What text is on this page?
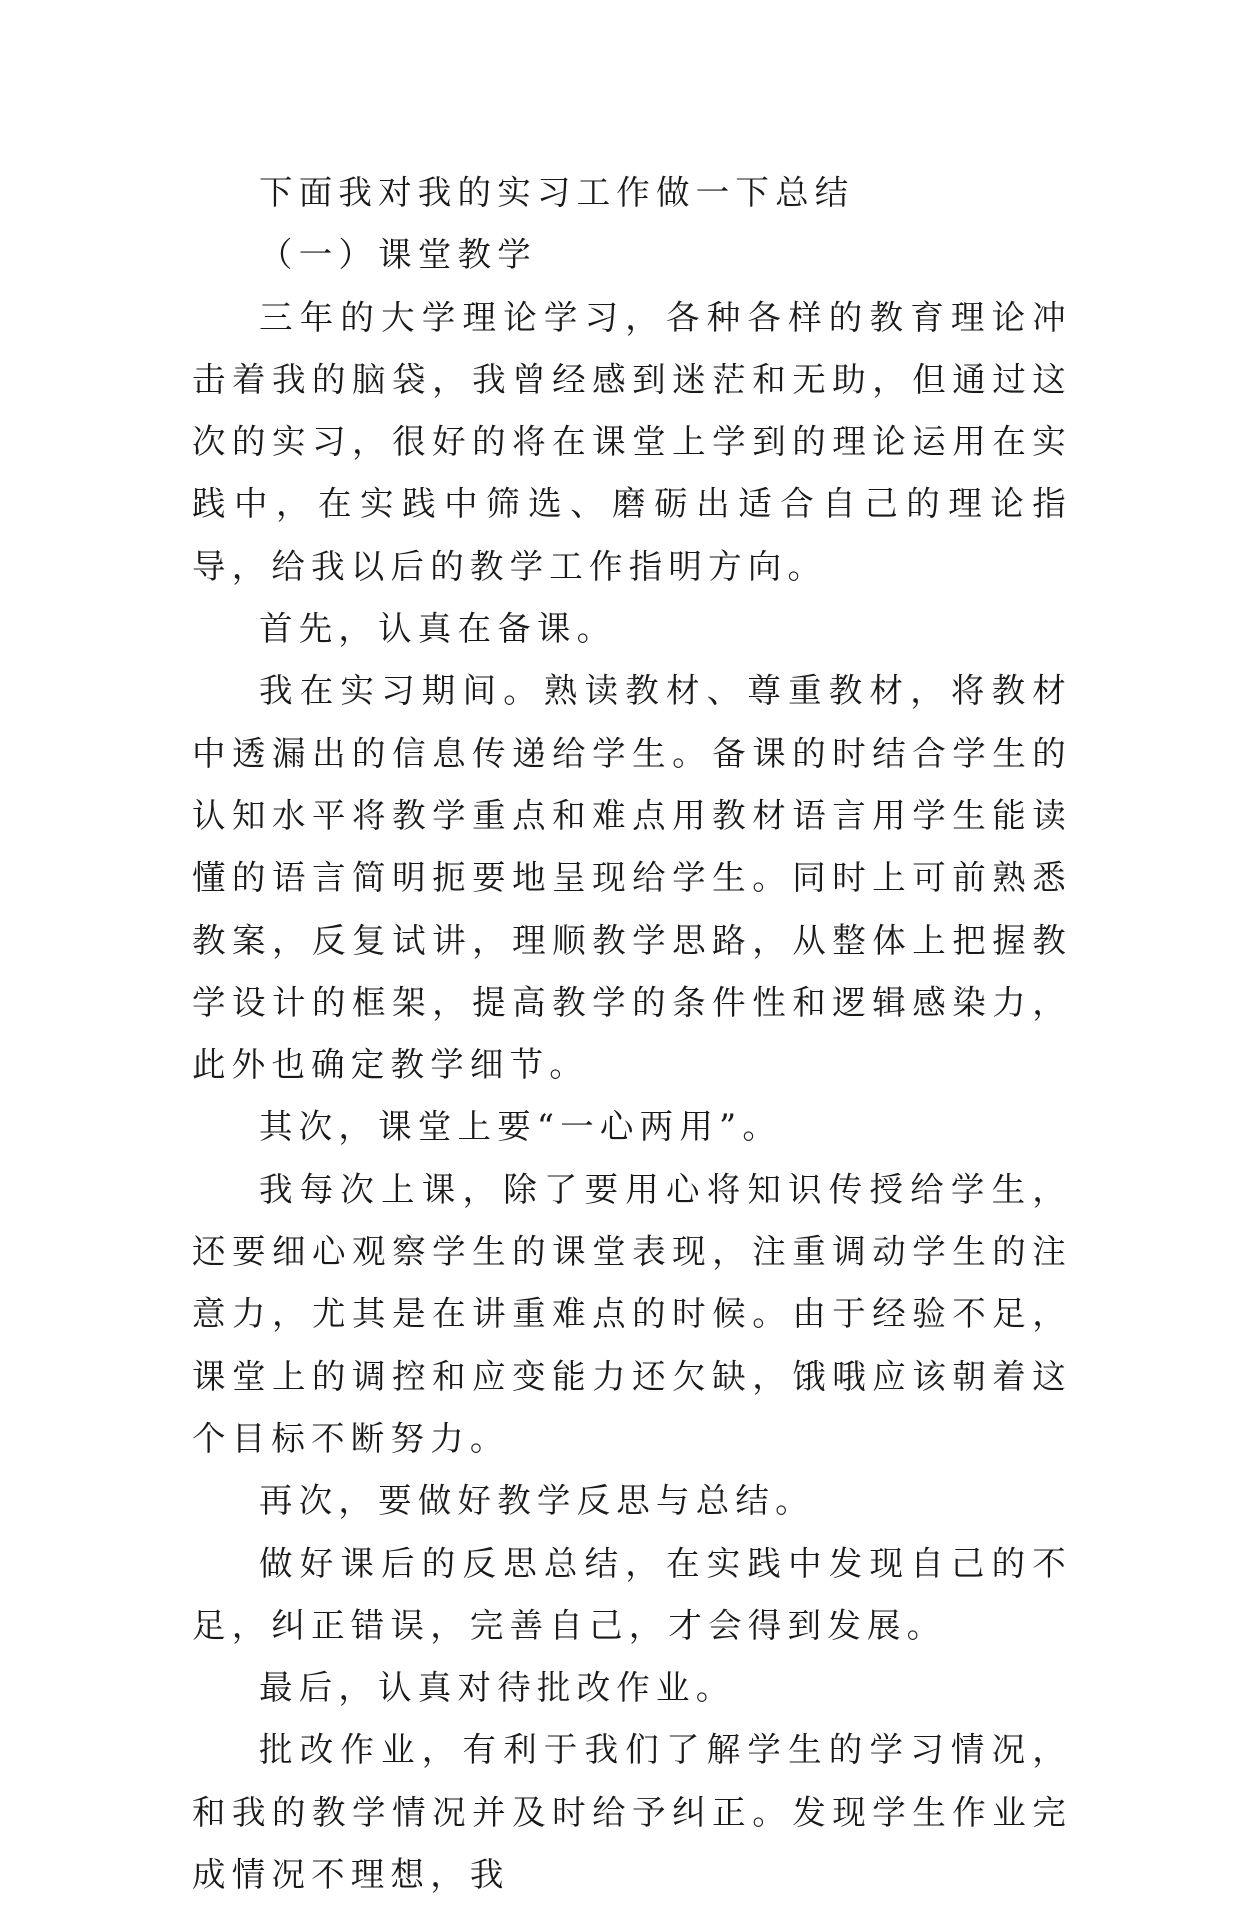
下面我对我的实习工作做一下总结

（一）课堂教学

三年的大学理论学习，各种各样的教育理论冲击着我的脑袋，我曾经感到迷茫和无助，但通过这次的实习，很好的将在课堂上学到的理论运用在实践中，在实践中筛选、磨砺出适合自己的理论指导，给我以后的教学工作指明方向。

首先，认真在备课。

我在实习期间。熟读教材、尊重教材，将教材中透漏出的信息传递给学生。备课的时结合学生的认知水平将教学重点和难点用教材语言用学生能读懂的语言简明扼要地呈现给学生。同时上可前熟悉教案，反复试讲，理顺教学思路，从整体上把握教学设计的框架，提高教学的条件性和逻辑感染力，此外也确定教学细节。

其次，课堂上要“一心两用”。

我每次上课，除了要用心将知识传授给学生，还要细心观察学生的课堂表现，注重调动学生的注意力，尤其是在讲重难点的时候。由于经验不足，课堂上的调控和应变能力还欠缺，饿哦应该朝着这个目标不断努力。

再次，要做好教学反思与总结。

做好课后的反思总结，在实践中发现自己的不足，纠正错误，完善自己，才会得到发展。

最后，认真对待批改作业。

批改作业，有利于我们了解学生的学习情况，和我的教学情况并及时给予纠正。发现学生作业完成情况不理想，我
